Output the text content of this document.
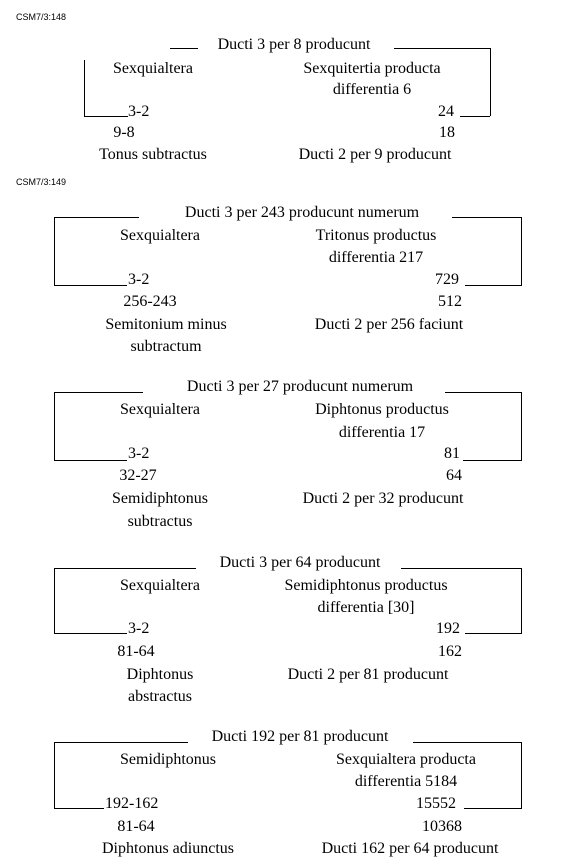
CSM7/3:148
Ducti 3 per 8 producunt
Sexquialtera	Sexquitertia producta
differentia 6
3-2	24
9-8	18
Tonus subtractus	Ducti 2 per 9 producunt
CSM7/3:149
Ducti 3 per 243 producunt numerum
Sexquialtera	Tritonus productus
differentia 217
3-2	729
256-243	512
Semitonium minus	Ducti 2 per 256 faciunt
subtractum
Ducti 3 per 27 producunt numerum
Sexquialtera	Diphtonus productus
differentia 17
3-2	81
32-27	64
Semidiphtonus	Ducti 2 per 32 producunt
subtractus
Ducti 3 per 64 producunt
Sexquialtera	Semidiphtonus productus
differentia [30]
3-2	192
81-64	162
Diphtonus	Ducti 2 per 81 producunt
abstractus
Ducti 192 per 81 producunt
Semidiphtonus	Sexquialtera producta
differentia 5184
192-162	15552
81-64	10368
Diphtonus adiunctus	Ducti 162 per 64 producunt
